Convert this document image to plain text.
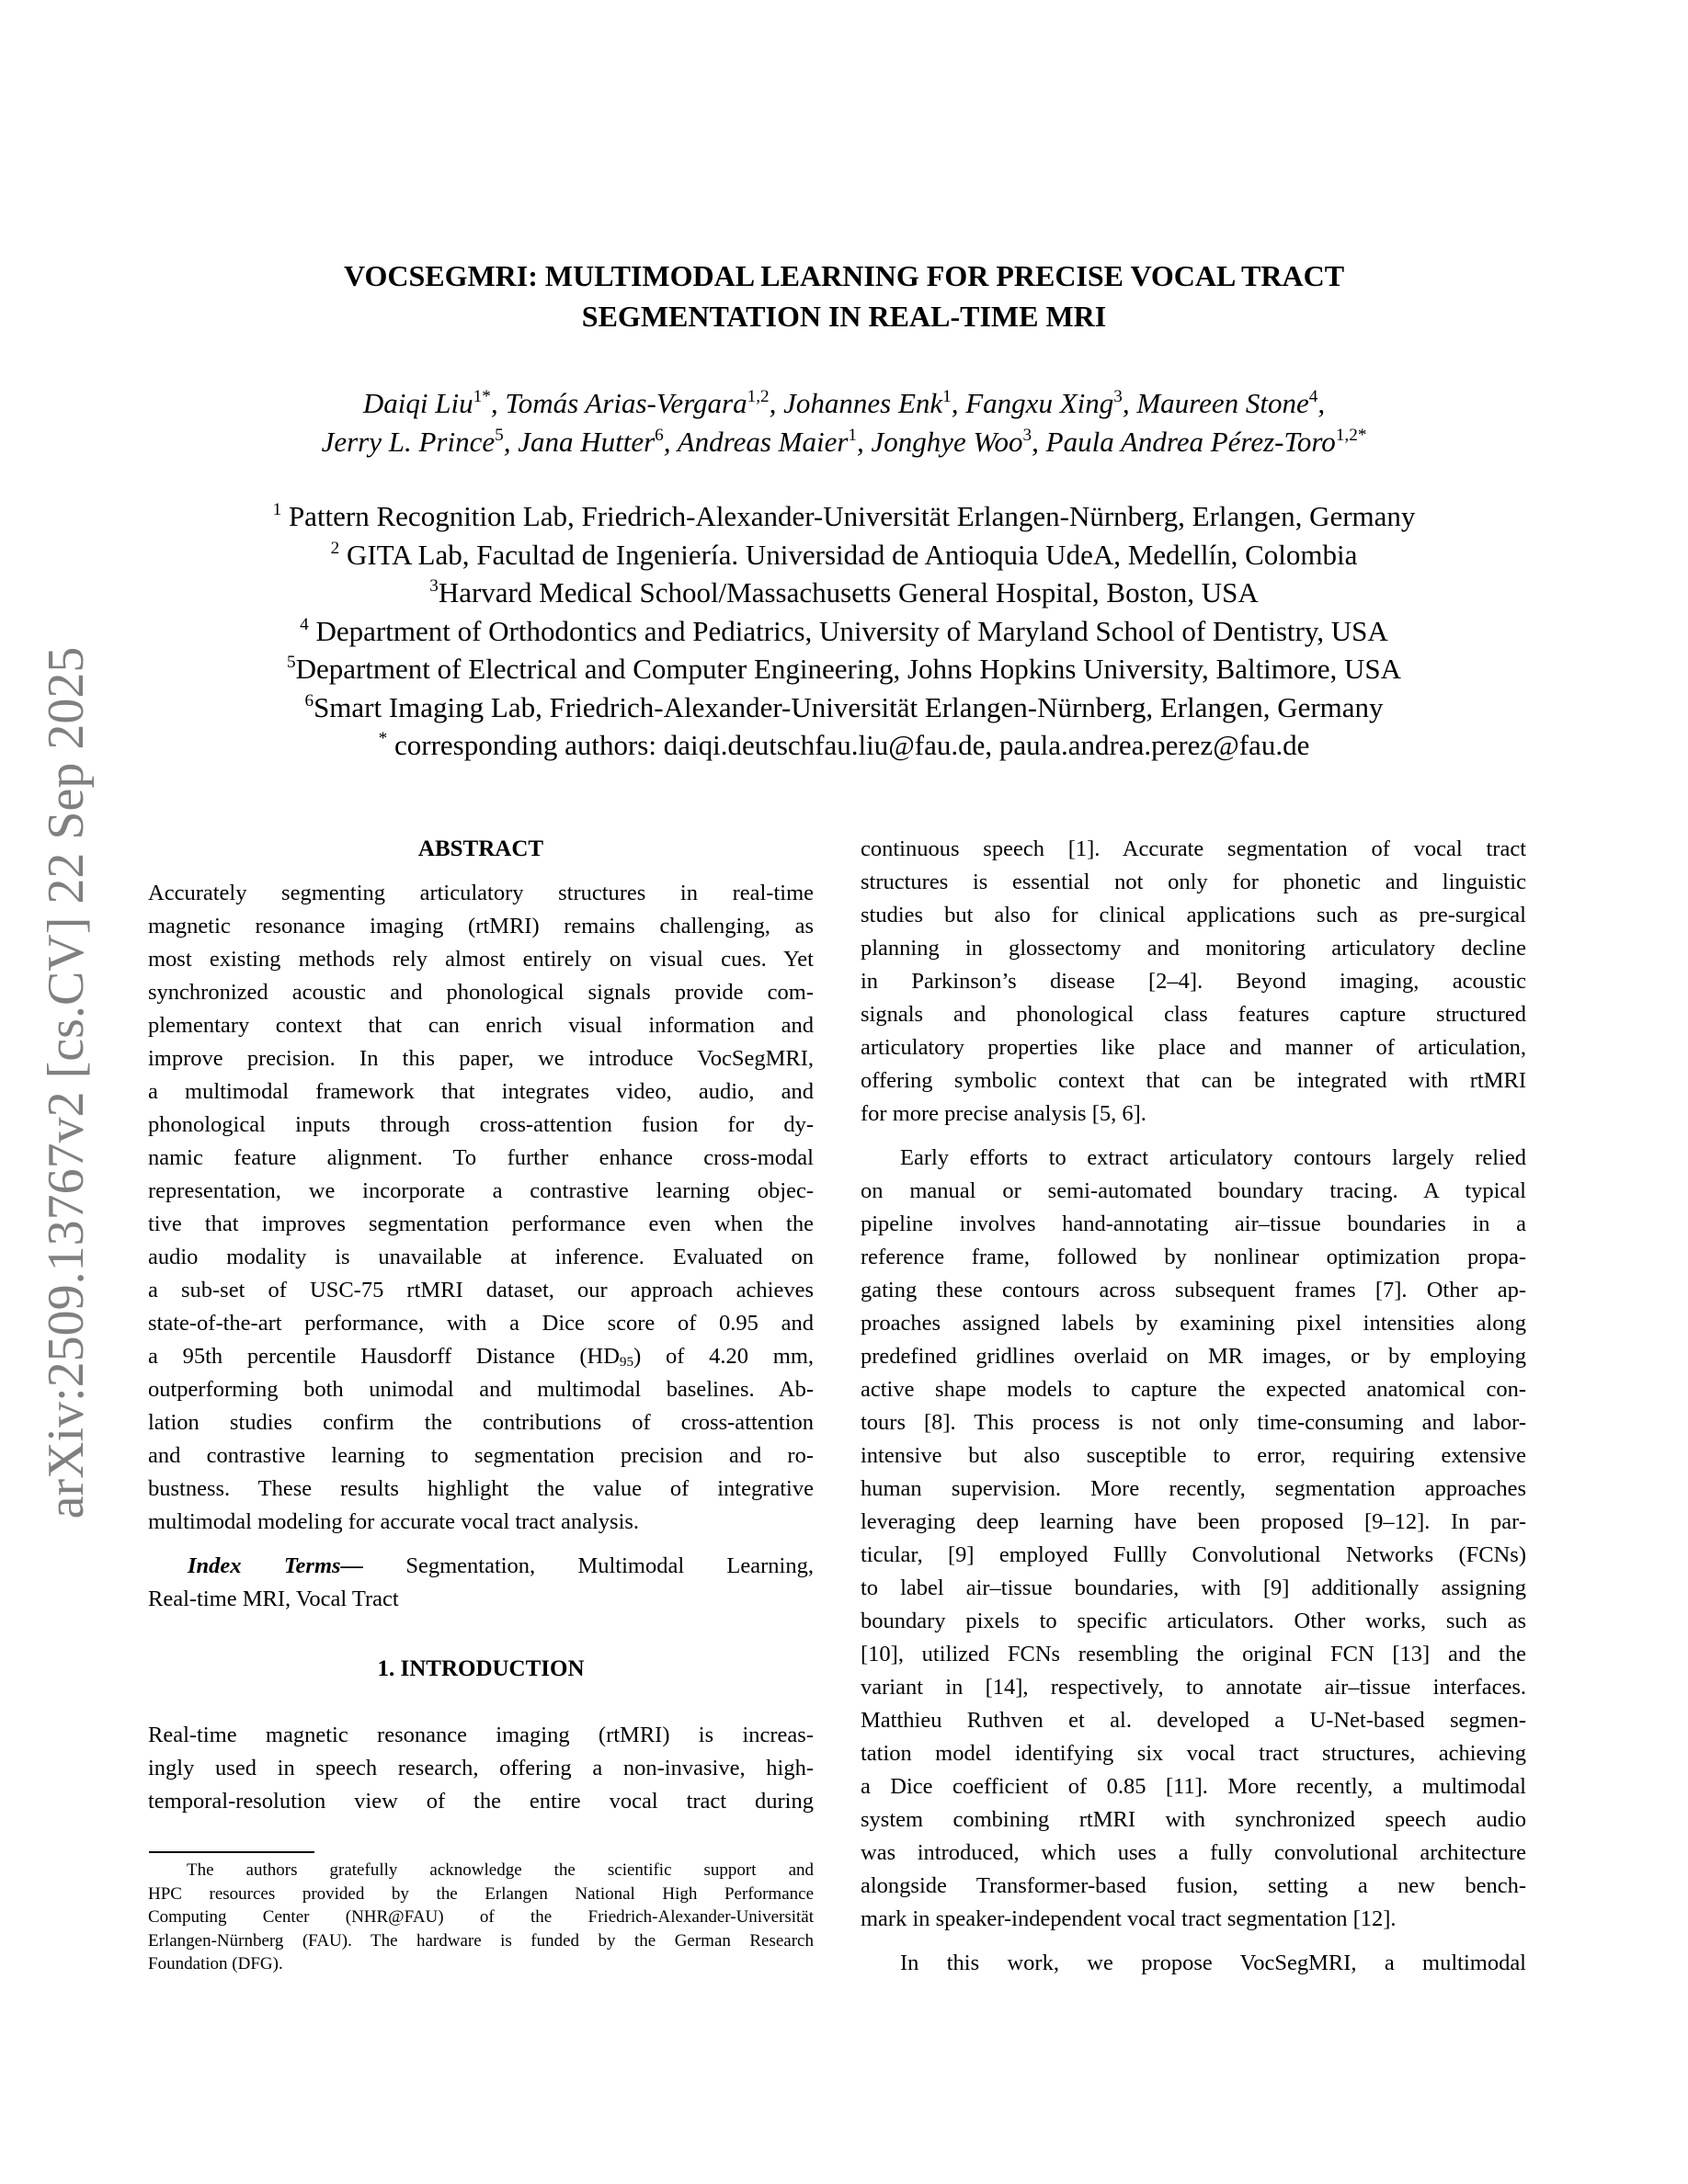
arXiv:2509.13767v2 [cs.CV] 22 Sep 2025
VOCSEGMRI: MULTIMODAL LEARNING FOR PRECISE VOCAL TRACT
SEGMENTATION IN REAL-TIME MRI
Daiqi Liu$^{1*}$, Tomás Arias-Vergara$^{1,2}$, Johannes Enk$^1$, Fangxu Xing$^3$, Maureen Stone$^4$,
Jerry L. Prince$^5$, Jana Hutter$^6$, Andreas Maier$^1$, Jonghye Woo$^3$, Paula Andrea Pérez-Toro$^{1,2*}$
$^1$ Pattern Recognition Lab, Friedrich-Alexander-Universität Erlangen-Nürnberg, Erlangen, Germany
$^2$ GITA Lab, Facultad de Ingeniería. Universidad de Antioquia UdeA, Medellín, Colombia
$^3$Harvard Medical School/Massachusetts General Hospital, Boston, USA
$^4$ Department of Orthodontics and Pediatrics, University of Maryland School of Dentistry, USA
$^5$Department of Electrical and Computer Engineering, Johns Hopkins University, Baltimore, USA
$^6$Smart Imaging Lab, Friedrich-Alexander-Universität Erlangen-Nürnberg, Erlangen, Germany
* corresponding authors: daiqi.deutschfau.liu@fau.de, paula.andrea.perez@fau.de
ABSTRACT
Accurately segmenting articulatory structures in real-time
magnetic resonance imaging (rtMRI) remains challenging, as
most existing methods rely almost entirely on visual cues. Yet
synchronized acoustic and phonological signals provide com-
plementary context that can enrich visual information and
improve precision. In this paper, we introduce VocSegMRI,
a multimodal framework that integrates video, audio, and
phonological inputs through cross-attention fusion for dy-
namic feature alignment. To further enhance cross-modal
representation, we incorporate a contrastive learning objec-
tive that improves segmentation performance even when the
audio modality is unavailable at inference. Evaluated on
a sub-set of USC-75 rtMRI dataset, our approach achieves
state-of-the-art performance, with a Dice score of 0.95 and
a 95th percentile Hausdorff Distance $(HD_{95})$ of 4.20 mm,
outperforming both unimodal and multimodal baselines. Ab-
lation studies confirm the contributions of cross-attention
and contrastive learning to segmentation precision and ro-
bustness. These results highlight the value of integrative
multimodal modeling for accurate vocal tract analysis.
Index Terms— Segmentation, Multimodal Learning,
Real-time MRI, Vocal Tract
1. INTRODUCTION
Real-time magnetic resonance imaging (rtMRI) is increas-
ingly used in speech research, offering a non-invasive, high-
temporal-resolution view of the entire vocal tract during
The authors gratefully acknowledge the scientific support and
HPC resources provided by the Erlangen National High Performance
Computing Center (NHR@FAU) of the Friedrich-Alexander-Universität
Erlangen-Nürnberg (FAU). The hardware is funded by the German Research
Foundation (DFG).
continuous speech [1]. Accurate segmentation of vocal tract
structures is essential not only for phonetic and linguistic
studies but also for clinical applications such as pre-surgical
planning in glossectomy and monitoring articulatory decline
in Parkinson’s disease [2–4]. Beyond imaging, acoustic
signals and phonological class features capture structured
articulatory properties like place and manner of articulation,
offering symbolic context that can be integrated with rtMRI
for more precise analysis [5, 6].
Early efforts to extract articulatory contours largely relied
on manual or semi-automated boundary tracing. A typical
pipeline involves hand-annotating air–tissue boundaries in a
reference frame, followed by nonlinear optimization propa-
gating these contours across subsequent frames [7]. Other ap-
proaches assigned labels by examining pixel intensities along
predefined gridlines overlaid on MR images, or by employing
active shape models to capture the expected anatomical con-
tours [8]. This process is not only time-consuming and labor-
intensive but also susceptible to error, requiring extensive
human supervision. More recently, segmentation approaches
leveraging deep learning have been proposed [9–12]. In par-
ticular, [9] employed Fullly Convolutional Networks (FCNs)
to label air–tissue boundaries, with [9] additionally assigning
boundary pixels to specific articulators. Other works, such as
[10], utilized FCNs resembling the original FCN [13] and the
variant in [14], respectively, to annotate air–tissue interfaces.
Matthieu Ruthven et al. developed a U-Net-based segmen-
tation model identifying six vocal tract structures, achieving
a Dice coefficient of 0.85 [11]. More recently, a multimodal
system combining rtMRI with synchronized speech audio
was introduced, which uses a fully convolutional architecture
alongside Transformer-based fusion, setting a new bench-
mark in speaker-independent vocal tract segmentation [12].
In this work, we propose VocSegMRI, a multimodal
